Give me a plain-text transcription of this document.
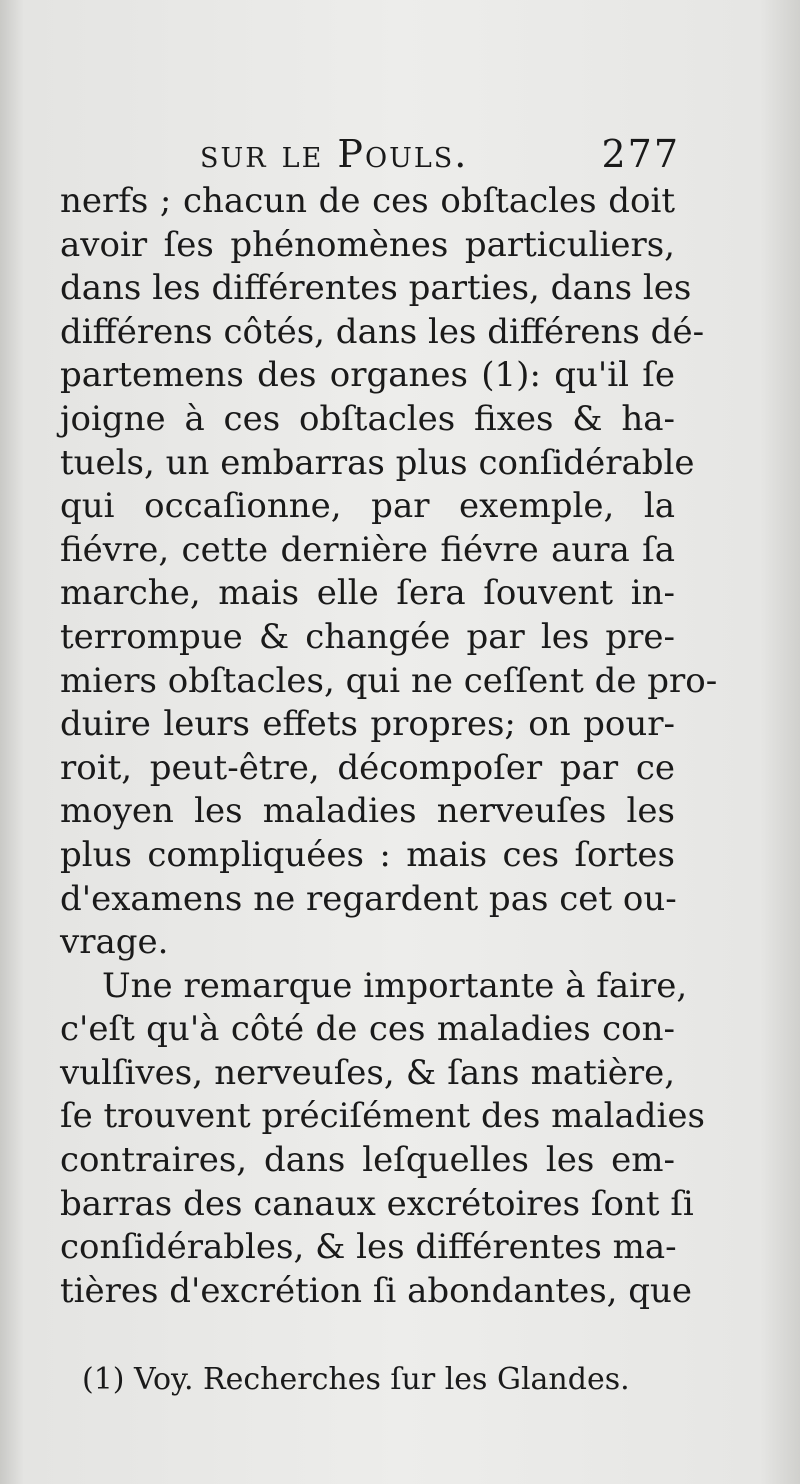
sur le Pouls.	277
nerfs ; chacun de ces obſtacles doit
avoir ſes phénomènes particuliers,
dans les différentes parties, dans les
différens côtés, dans les différens dé-
partemens des organes (1): qu'il ſe
joigne à ces obſtacles fixes & ha-
tuels, un embarras plus conſidérable
qui occaſionne, par exemple, la
fiévre, cette dernière fiévre aura ſa
marche, mais elle ſera ſouvent in-
terrompue & changée par les pre-
miers obſtacles, qui ne ceſſent de pro-
duire leurs effets propres; on pour-
roit, peut-être, décompoſer par ce
moyen les maladies nerveuſes les
plus compliquées : mais ces ſortes
d'examens ne regardent pas cet ou-
vrage.
Une remarque importante à faire,
c'eſt qu'à côté de ces maladies con-
vulſives, nerveuſes, & ſans matière,
ſe trouvent préciſément des maladies
contraires, dans leſquelles les em-
barras des canaux excrétoires ſont ſi
conſidérables, & les différentes ma-
tières d'excrétion ſi abondantes, que
(1) Voy. Recherches ſur les Glandes.
